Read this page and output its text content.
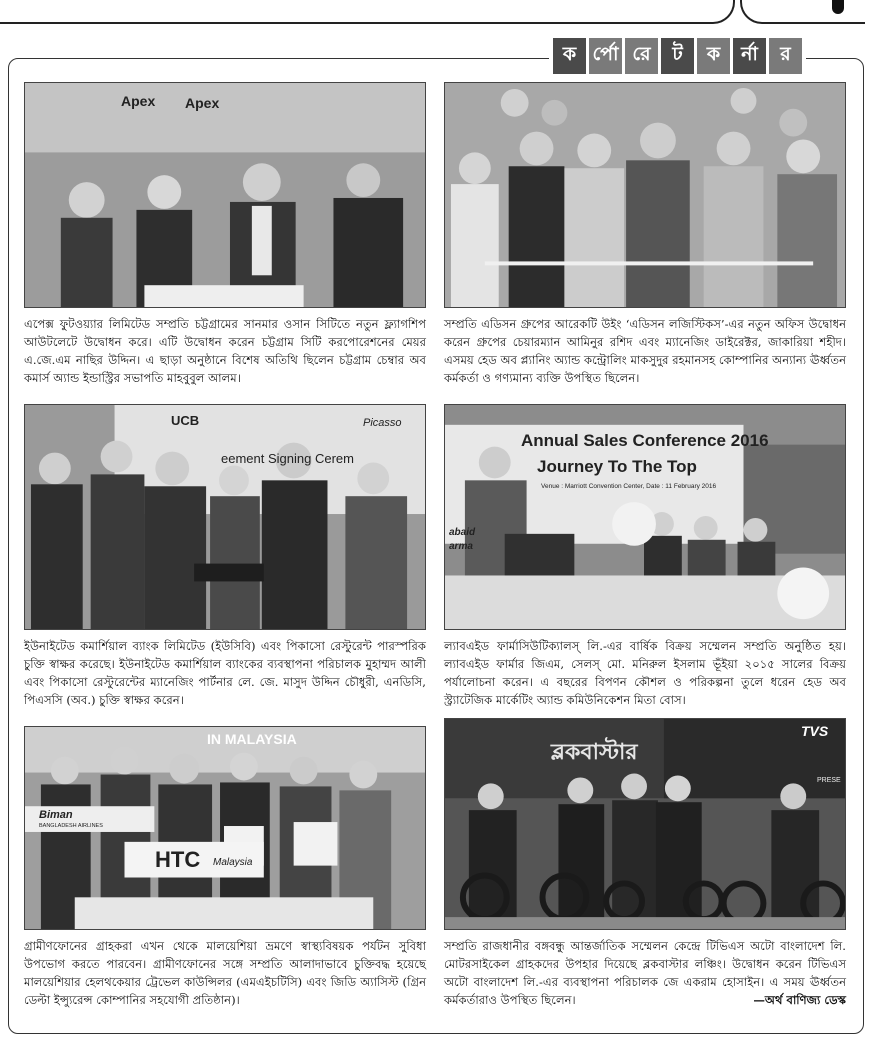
ক র্পো রে	ট	ক	র্না	র
Apex Apex
এপেক্স ফুটওয়্যার লিমিটেড সম্প্রতি চট্টগ্রামের সানমার ওসান সিটিতে নতুন ফ্ল্যাগশিপ আউটলেটে উদ্বোধন করে। এটি উদ্বোধন করেন চট্টগ্রাম সিটি করপোরেশনের মেয়র এ.জে.এম নাছির উদ্দিন। এ ছাড়া অনুষ্ঠানে বিশেষ অতিথি ছিলেন চট্টগ্রাম চেম্বার অব কমার্স অ্যান্ড ইন্ডাস্ট্রির সভাপতি মাহবুবুল আলম।
সম্প্রতি এডিসন গ্রুপের আরেকটি উইং ‘এডিসন লজিস্টিকস’-এর নতুন অফিস উদ্বোধন করেন গ্রুপের চেয়ারম্যান আমিনুর রশিদ এবং ম্যানেজিং ডাইরেক্টর, জাকারিয়া শহীদ। এসময় হেড অব প্ল্যানিং অ্যান্ড কন্ট্রোলিং মাকসুদুর রহমানসহ কোম্পানির অন্যান্য ঊর্ধ্বতন কর্মকর্তা ও গণ্যমান্য ব্যক্তি উপস্থিত ছিলেন।
UCB	Picasso
eement Signing Cerem
ইউনাইটেড কমার্শিয়াল ব্যাংক লিমিটেড (ইউসিবি) এবং পিকাসো রেস্টুরেন্ট পারস্পরিক চুক্তি স্বাক্ষর করেছে। ইউনাইটেড কমার্শিয়াল ব্যাংকের ব্যবস্থাপনা পরিচালক মুহাম্মদ আলী এবং পিকাসো রেস্টুরেন্টের ম্যানেজিং পার্টনার লে. জে. মাসুদ উদ্দিন চৌধুরী, এনডিসি, পিএসসি (অব.) চুক্তি স্বাক্ষর করেন।
Annual Sales Conference 2016
Journey To The Top
Venue : Marriott Convention Center, Date : 11 February 2016
abaid
arma
ল্যাবএইড ফার্মাসিউটিক্যালস্ লি.-এর বার্ষিক বিক্রয় সম্মেলন সম্প্রতি অনুষ্ঠিত হয়। ল্যাবএইড ফার্মার জিএম, সেলস্ মো. মনিরুল ইসলাম ভূঁইয়া ২০১৫ সালের বিক্রয় পর্যালোচনা করেন। এ বছরের বিপণন কৌশল ও পরিকল্পনা তুলে ধরেন হেড অব স্ট্র্যাটেজিক মার্কেটিং অ্যান্ড কমিউনিকেশন মিতা বোস।
IN MALAYSIA
Biman
BANGLADESH AIRLINES
HTC Malaysia
গ্রামীণফোনের গ্রাহকরা এখন থেকে মালয়েশিয়া ভ্রমণে স্বাস্থ্যবিষয়ক পর্যটন সুবিধা উপভোগ করতে পারবেন। গ্রামীণফোনের সঙ্গে সম্প্রতি আলাদাভাবে চুক্তিবদ্ধ হয়েছে মালয়েশিয়ার হেলথকেয়ার ট্রেভেল কাউন্সিলর (এমএইচটিসি) এবং জিডি অ্যাসিস্ট (গ্রিন ডেল্টা ইন্স্যুরেন্স কোম্পানির সহযোগী প্রতিষ্ঠান)।
TVS
ব্লকবাস্টার
PRESE
সম্প্রতি রাজধানীর বঙ্গবন্ধু আন্তর্জাতিক সম্মেলন কেন্দ্রে টিভিএস অটো বাংলাদেশ লি. মোটরসাইকেল গ্রাহকদের উপহার দিয়েছে ব্লকবাস্টার লঞ্চিং। উদ্বোধন করেন টিভিএস অটো বাংলাদেশ লি.-এর ব্যবস্থাপনা পরিচালক জে একরাম হোসাইন। এ সময় ঊর্ধ্বতন কর্মকর্তারাও উপস্থিত ছিলেন।	—অর্থ বাণিজ্য ডেস্ক
